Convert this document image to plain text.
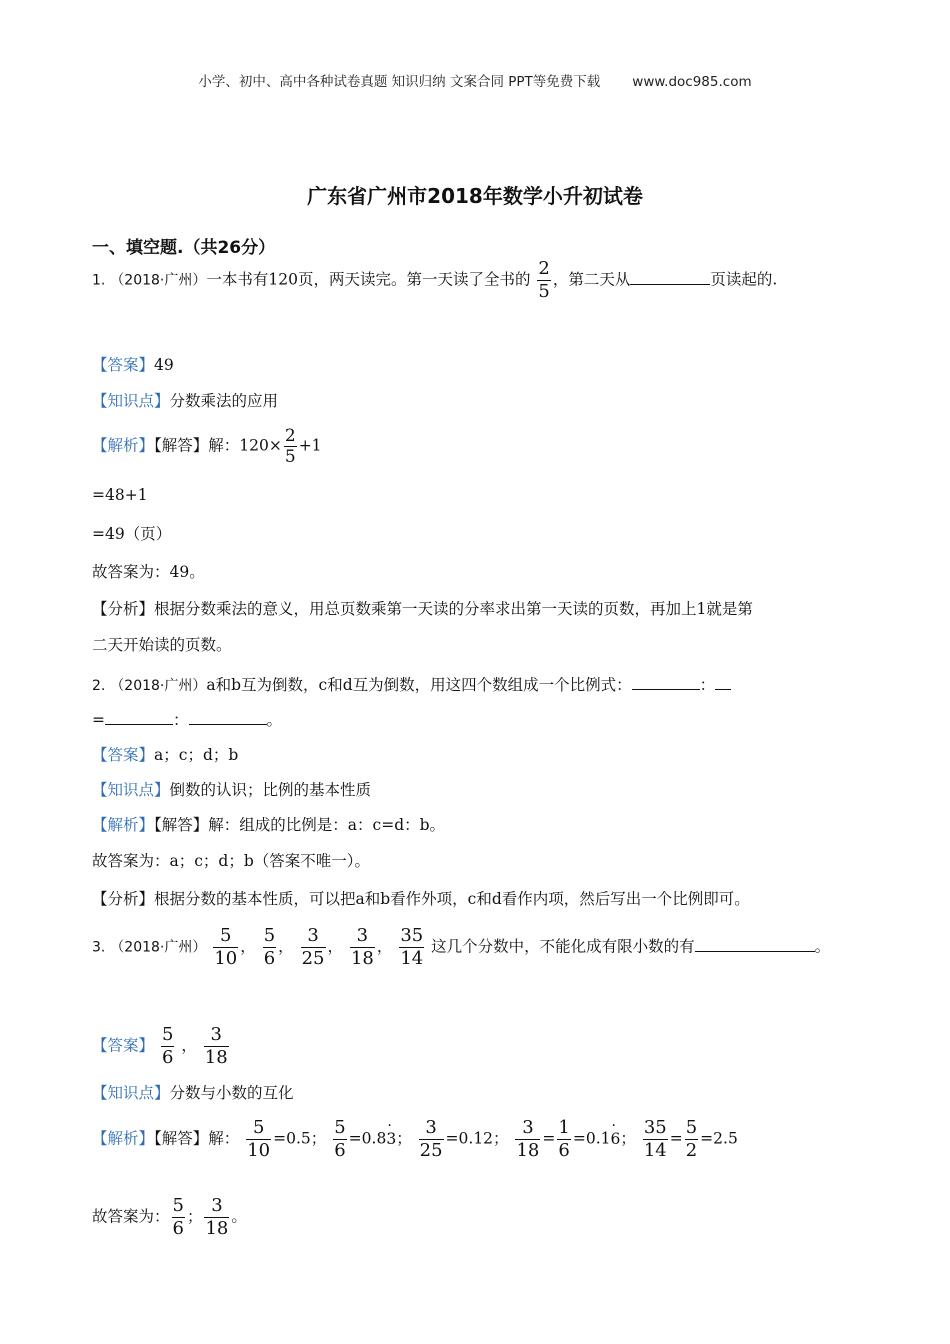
小学、初中、高中各种试卷真题 知识归纳 文案合同 PPT等免费下载 www.doc985.com
广东省广州市2018年数学小升初试卷
一、填空题.（共26分）
1. （2018·广州）一本书有120页，两天读完。第一天读了全书的 $\frac{2}{5}$ ，第二天从	页读起的.
【答案】49
【知识点】分数乘法的应用
【解析】【解答】解：$120\times \frac{2}{5} +1$
=48+1
=49（页）
故答案为：49。
【分析】根据分数乘法的意义，用总页数乘第一天读的分率求出第一天读的页数，再加上1就是第
二天开始读的页数。
2. （2018·广州）a和b互为倒数，c和d互为倒数，用这四个数组成一个比例式：	：
=	：	。
【答案】a；c；d；b
【知识点】倒数的认识；比例的基本性质
【解析】【解答】解：组成的比例是：a：c=d：b。
故答案为：a；c；d；b（答案不唯一）。
【分析】根据分数的基本性质，可以把a和b看作外项，c和d看作内项，然后写出一个比例即可。
3. （2018·广州） $\frac{5}{10}$ ， $\frac{5}{6}$ ， $\frac{3}{25}$ ， $\frac{3}{18}$ ， $\frac{35}{14}$ 这几个分数中，不能化成有限小数的有	。
【答案】 $\frac{5}{6}$ ， $\frac{3}{18}$
【知识点】分数与小数的互化
【解析】【解答】解： $\frac{5}{10} =0.5$； $\frac{5}{6} =0.83$ ·； $\frac{3}{25} =0.12$； $\frac{3}{18} = \frac{1}{6} =0.16$ ·； $\frac{35}{14} = \frac{5}{2} =2.5$
故答案为： $\frac{5}{6}$ ； $\frac{3}{18}$ 。
